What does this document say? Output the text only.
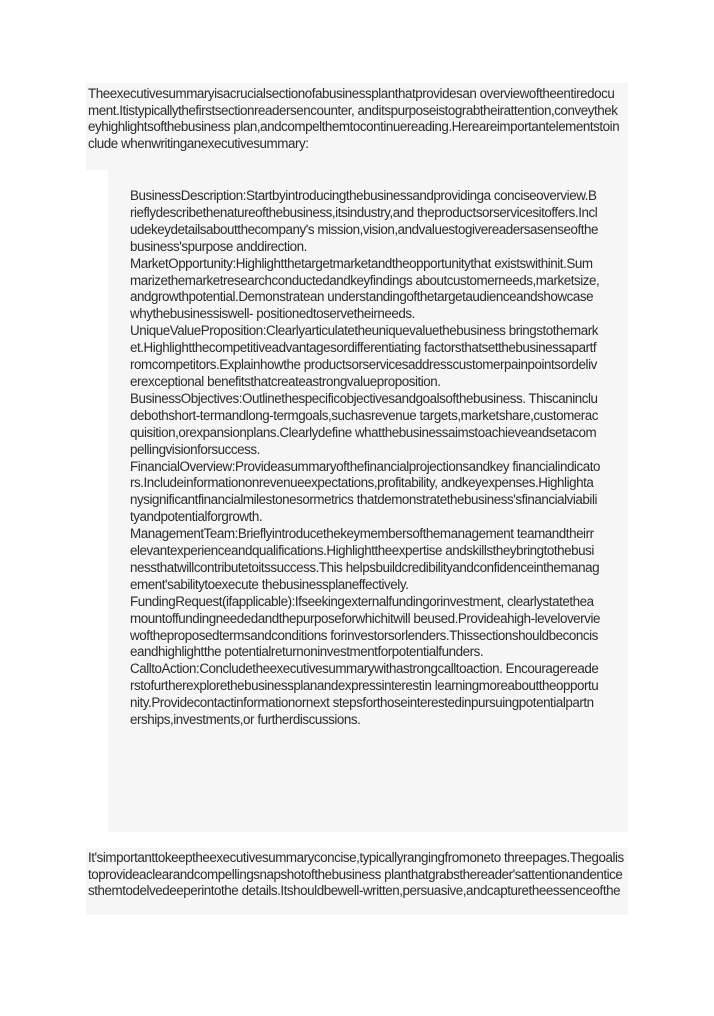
Theexecutivesummaryisacrucialsectionofabusinessplanthatprovidesan overviewoftheentiredocument.Itistypicallythefirstsectionreadersencounter, anditspurposeistograbtheirattention,conveythekeyhighlightsofthebusiness plan,andcompelthemtocontinuereading.Hereareimportantelementstoinclude whenwritinganexecutivesummary:

BusinessDescription:Startbyintroducingthebusinessandprovidinga conciseoverview.Brieflydescribethenatureofthebusiness,itsindustry,and theproductsorservicesitoffers.Includekeydetailsaboutthecompany's mission,vision,andvaluestogivereadersasenseofthebusiness'spurpose anddirection.
MarketOpportunity:Highlightthetargetmarketandtheopportunitythat existswithinit.Summarizethemarketresearchconductedandkeyfindings aboutcustomerneeds,marketsize,andgrowthpotential.Demonstratean understandingofthetargetaudienceandshowcasewhythebusinessiswell- positionedtoservetheirneeds.
UniqueValueProposition:Clearlyarticulatetheuniquevaluethebusiness bringstothemarket.Highlightthecompetitiveadvantagesordifferentiating factorsthatsetthebusinessapartfromcompetitors.Explainhowthe productsorservicesaddresscustomerpainpointsordeliverexceptional benefitsthatcreateastrongvalueproposition.
BusinessObjectives:Outlinethespecificobjectivesandgoalsofthebusiness. Thiscanincludebothshort-termandlong-termgoals,suchasrevenue targets,marketshare,customeracquisition,orexpansionplans.Clearlydefine whatthebusinessaimstoachieveandsetacompellingvisionforsuccess.
FinancialOverview:Provideasummaryofthefinancialprojectionsandkey financialindicators.Includeinformationonrevenueexpectations,profitability, andkeyexpenses.Highlightanysignificantfinancialmilestonesormetrics thatdemonstratethebusiness'sfinancialviabilityandpotentialforgrowth.
ManagementTeam:Brieflyintroducethekeymembersofthemanagement teamandtheirrelevantexperienceandqualifications.Highlighttheexpertise andskillstheybringtothebusinessthatwillcontributetoitssuccess.This helpsbuildcredibilityandconfidenceinthemanagement'sabilitytoexecute thebusinessplaneffectively.
FundingRequest(ifapplicable):Ifseekingexternalfundingorinvestment, clearlystatetheamountoffundingneededandthepurposeforwhichitwill beused.Provideahigh-leveloverviewoftheproposedtermsandconditions forinvestorsorlenders.Thissectionshouldbeconciseandhighlightthe potentialreturnoninvestmentforpotentialfunders.
CalltoAction:Concludetheexecutivesummarywithastrongcalltoaction. Encouragereaderstofurtherexplorethebusinessplanandexpressinterestin learningmoreabouttheopportunity.Providecontactinformationornext stepsforthoseinterestedinpursuingpotentialpartnerships,investments,or furtherdiscussions.

It'simportanttokeeptheexecutivesummaryconcise,typicallyrangingfromoneto threepages.Thegoalistoprovideaclearandcompellingsnapshotofthebusiness planthatgrabsthereader'sattentionandenticesthemtodelvedeeperintothe details.Itshouldbewell-written,persuasive,andcapturetheessenceofthe
